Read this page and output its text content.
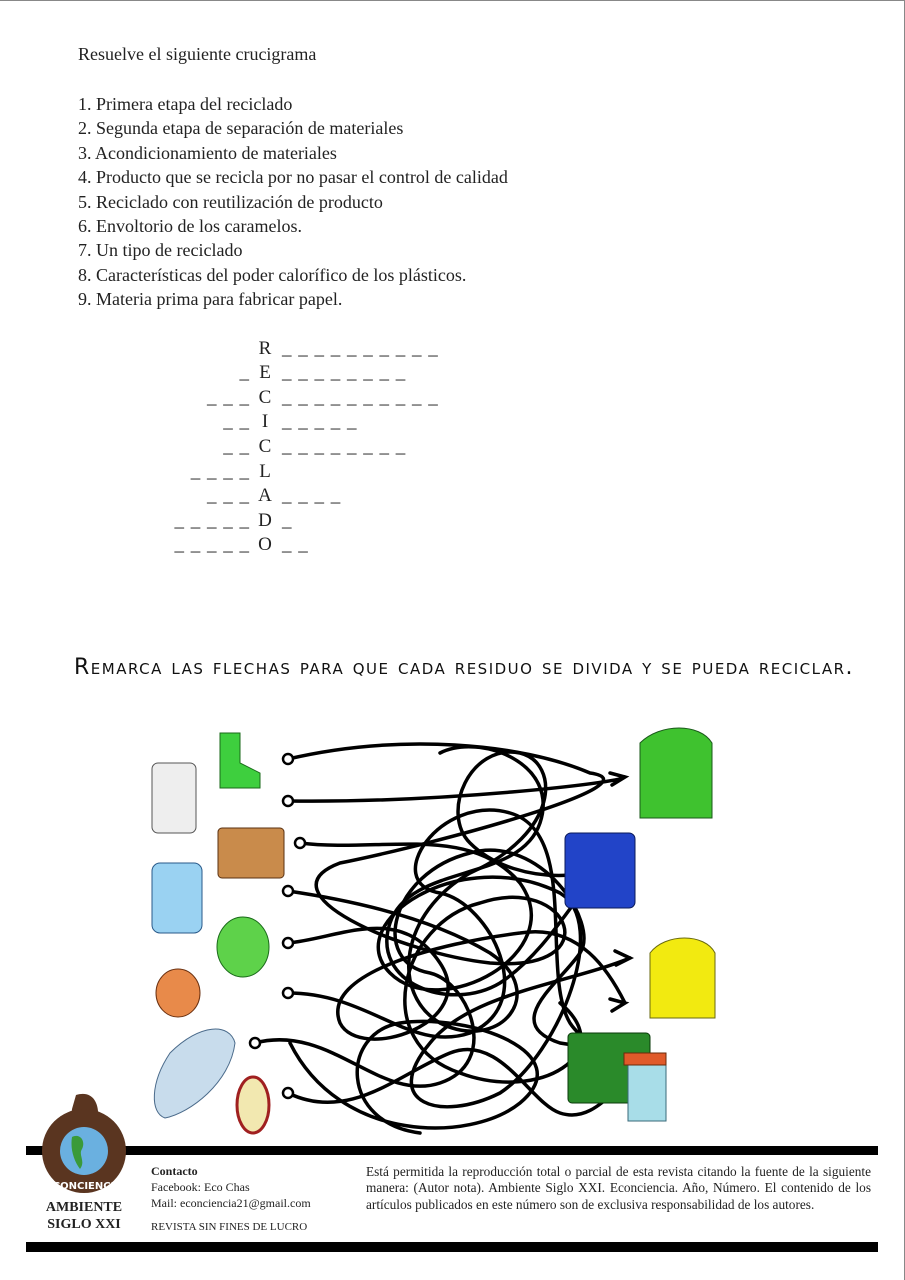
Resuelve el siguiente crucigrama
1. Primera etapa del reciclado
2. Segunda etapa de separación de materiales
3. Acondicionamiento de materiales
4. Producto que se recicla por no pasar el control de calidad
5. Reciclado con reutilización de producto
6. Envoltorio de los caramelos.
7. Un tipo de reciclado
8. Características del poder calorífico de los plásticos.
9. Materia prima para fabricar papel.
R _ _ _ _ _ _ _ _ _ _
_ E _ _ _ _ _ _ _ _
_ _ _ C _ _ _ _ _ _ _ _ _ _
_ _ I _ _ _ _ _
_ _ C _ _ _ _ _ _ _ _
_ _ _ _ L
_ _ _ A _ _ _ _
_ _ _ _ _ D _
_ _ _ _ _ O _ _
Remarca las flechas para que cada residuo se divida y se pueda reciclar.
ECONCIENCIA
AMBIENTE
SIGLO XXI
Contacto
Facebook: Eco Chas
Mail: econciencia21@gmail.com
REVISTA SIN FINES DE LUCRO
Está permitida la reproducción total o parcial de esta revista citando la fuente de la siguiente manera: (Autor nota). Ambiente Siglo XXI. Econciencia. Año, Número. El contenido de los artículos publicados en este número son de exclusiva responsabilidad de los autores.
